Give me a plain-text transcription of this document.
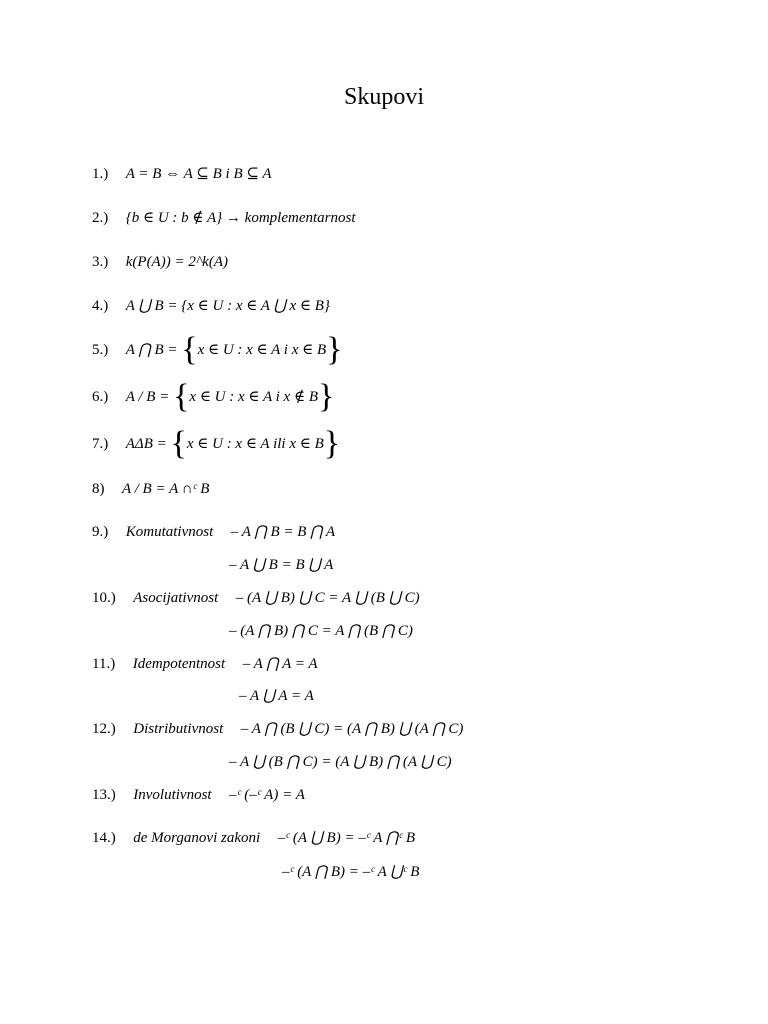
Skupovi
1.) A = B ⇔ A ⊆ B i B ⊆ A
2.) {b ∈ U : b ∉ A} → komplementarnost
3.) k(P(A)) = 2^k(A)
4.) A ⋃ B = {x ∈ U : x ∈ A ⋃ x ∈ B}
5.) A ⋂ B = {x ∈ U : x ∈ A i x ∈ B}
6.) A / B = {x ∈ U : x ∈ A i x ∉ B}
7.) AΔB = {x ∈ U : x ∈ A ili x ∈ B}
8) A / B = A ∩ᶜ B
9.) Komutativnost – A ⋂ B = B ⋂ A
– A ⋃ B = B ⋃ A
10.) Asocijativnost – (A ⋃ B) ⋃ C = A ⋃ (B ⋃ C)
– (A ⋂ B) ⋂ C = A ⋂ (B ⋂ C)
11.) Idempotentnost – A ⋂ A = A
– A ⋃ A = A
12.) Distributivnost – A ⋂ (B ⋃ C) = (A ⋂ B) ⋃ (A ⋂ C)
– A ⋃ (B ⋂ C) = (A ⋃ B) ⋂ (A ⋃ C)
13.) Involutivnost –ᶜ (–ᶜ A) = A
14.) de Morganovi zakoni –ᶜ (A ⋃ B) = –ᶜ A ⋂ᶜ B
–ᶜ (A ⋂ B) = –ᶜ A ⋃ᶜ B
